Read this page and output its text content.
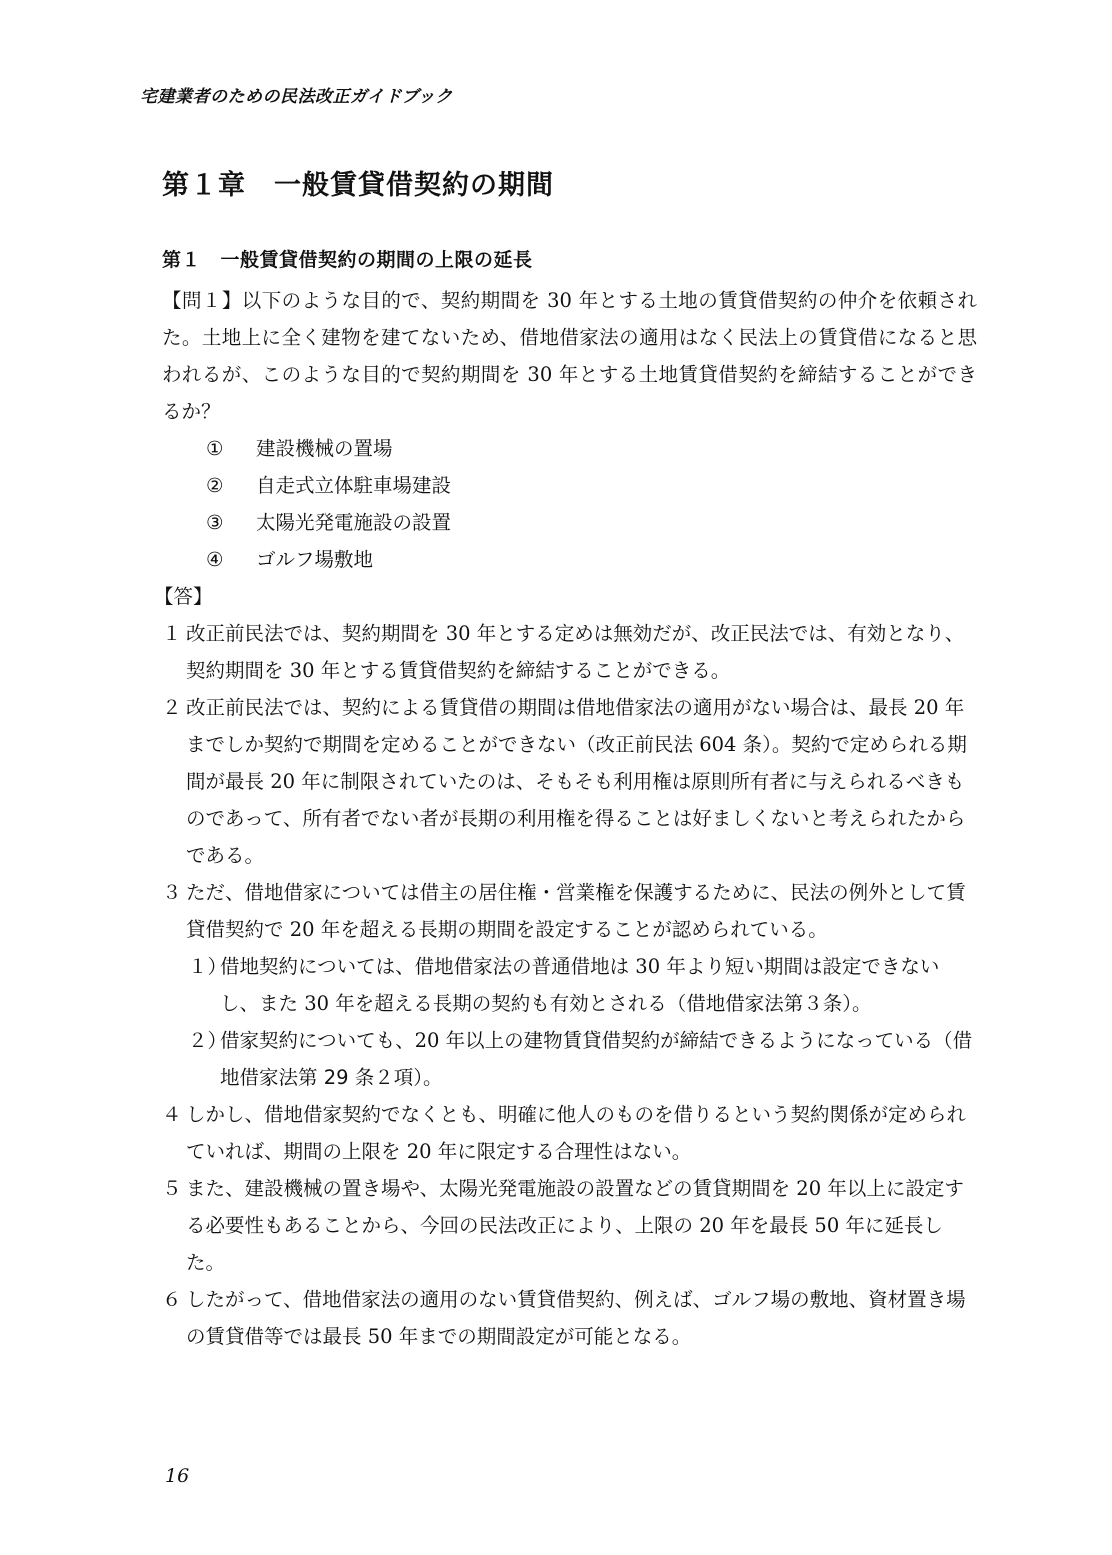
宅建業者のための民法改正ガイドブック
第１章　一般賃貸借契約の期間
第１　一般賃貸借契約の期間の上限の延長

【問１】以下のような目的で、契約期間を 30 年とする土地の賃貸借契約の仲介を依頼された。土地上に全く建物を建てないため、借地借家法の適用はなく民法上の賃貸借になると思われるが、このような目的で契約期間を 30 年とする土地賃貸借契約を締結することができるか？

① 建設機械の置場
② 自走式立体駐車場建設
③ 太陽光発電施設の設置
④ ゴルフ場敷地

【答】

１ 改正前民法では、契約期間を 30 年とする定めは無効だが、改正民法では、有効となり、契約期間を 30 年とする賃貸借契約を締結することができる。

２ 改正前民法では、契約による賃貸借の期間は借地借家法の適用がない場合は、最長 20 年までしか契約で期間を定めることができない（改正前民法 604 条）。契約で定められる期間が最長 20 年に制限されていたのは、そもそも利用権は原則所有者に与えられるべきものであって、所有者でない者が長期の利用権を得ることは好ましくないと考えられたからである。

３ ただ、借地借家については借主の居住権・営業権を保護するために、民法の例外として賃貸借契約で 20 年を超える長期の期間を設定することが認められている。

１）借地契約については、借地借家法の普通借地は 30 年より短い期間は設定できないし、また 30 年を超える長期の契約も有効とされる（借地借家法第３条）。

２）借家契約についても、20 年以上の建物賃貸借契約が締結できるようになっている（借地借家法第 29 条２項）。

４ しかし、借地借家契約でなくとも、明確に他人のものを借りるという契約関係が定められていれば、期間の上限を 20 年に限定する合理性はない。

５ また、建設機械の置き場や、太陽光発電施設の設置などの賃貸期間を 20 年以上に設定する必要性もあることから、今回の民法改正により、上限の 20 年を最長 50 年に延長した。

６ したがって、借地借家法の適用のない賃貸借契約、例えば、ゴルフ場の敷地、資材置き場の賃貸借等では最長 50 年までの期間設定が可能となる。

16
